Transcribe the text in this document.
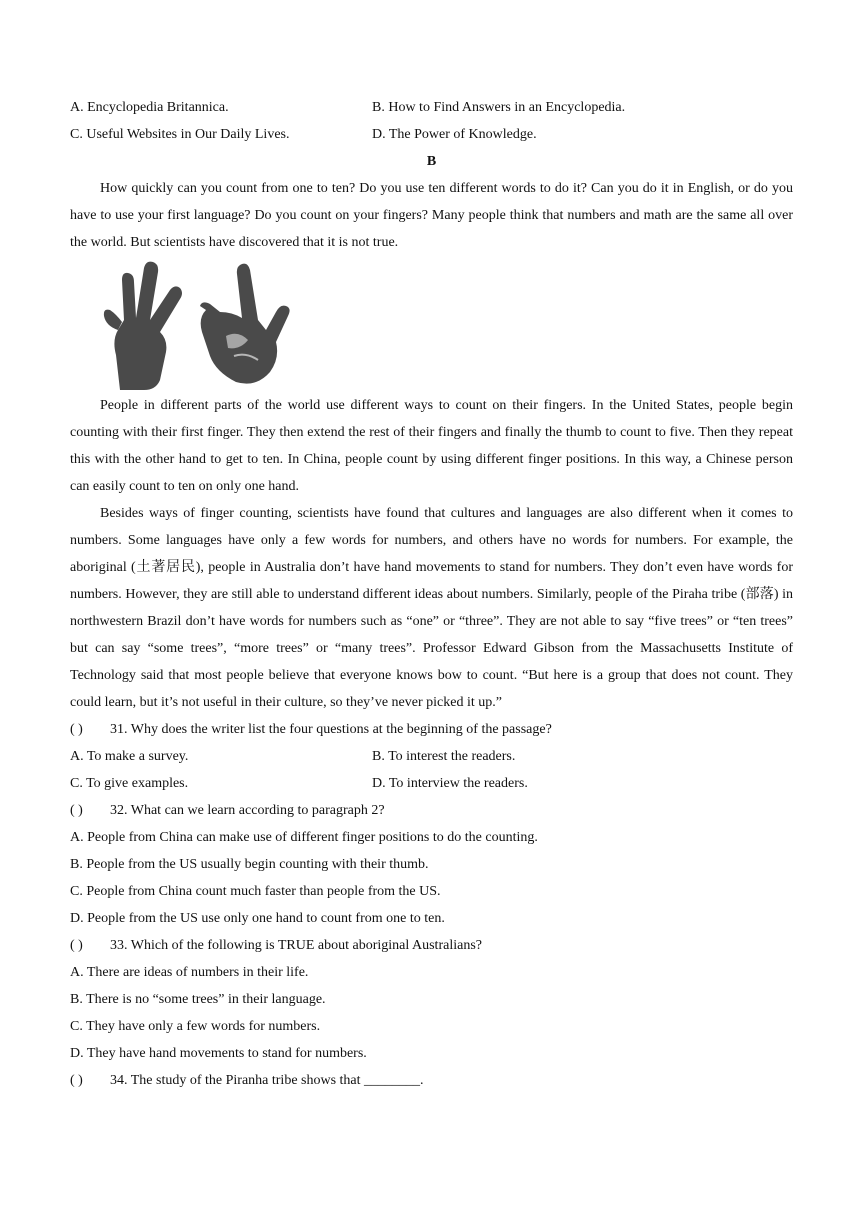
A. Encyclopedia Britannica.	B. How to Find Answers in an Encyclopedia.
C. Useful Websites in Our Daily Lives.	D. The Power of Knowledge.
B

How quickly can you count from one to ten? Do you use ten different words to do it? Can you do it in English, or do you have to use your first language? Do you count on your fingers? Many people think that numbers and math are the same all over the world. But scientists have discovered that it is not true.

People in different parts of the world use different ways to count on their fingers. In the United States, people begin counting with their first finger. They then extend the rest of their fingers and finally the thumb to count to five. Then they repeat this with the other hand to get to ten. In China, people count by using different finger positions. In this way, a Chinese person can easily count to ten on only one hand.

Besides ways of finger counting, scientists have found that cultures and languages are also different when it comes to numbers. Some languages have only a few words for numbers, and others have no words for numbers. For example, the aboriginal (土著居民), people in Australia don’t have hand movements to stand for numbers. They don’t even have words for numbers. However, they are still able to understand different ideas about numbers. Similarly, people of the Piraha tribe (部落) in northwestern Brazil don’t have words for numbers such as “one” or “three”. They are not able to say “five trees” or “ten trees” but can say “some trees”, “more trees” or “many trees”. Professor Edward Gibson from the Massachusetts Institute of Technology said that most people believe that everyone knows bow to count. “But here is a group that does not count. They could learn, but it’s not useful in their culture, so they’ve never picked it up.”

( ) 31. Why does the writer list the four questions at the beginning of the passage?
A. To make a survey.	B. To interest the readers.
C. To give examples.	D. To interview the readers.
( ) 32. What can we learn according to paragraph 2?
A. People from China can make use of different finger positions to do the counting.
B. People from the US usually begin counting with their thumb.
C. People from China count much faster than people from the US.
D. People from the US use only one hand to count from one to ten.
( ) 33. Which of the following is TRUE about aboriginal Australians?
A. There are ideas of numbers in their life.
B. There is no “some trees” in their language.
C. They have only a few words for numbers.
D. They have hand movements to stand for numbers.
( ) 34. The study of the Piranha tribe shows that ________.
